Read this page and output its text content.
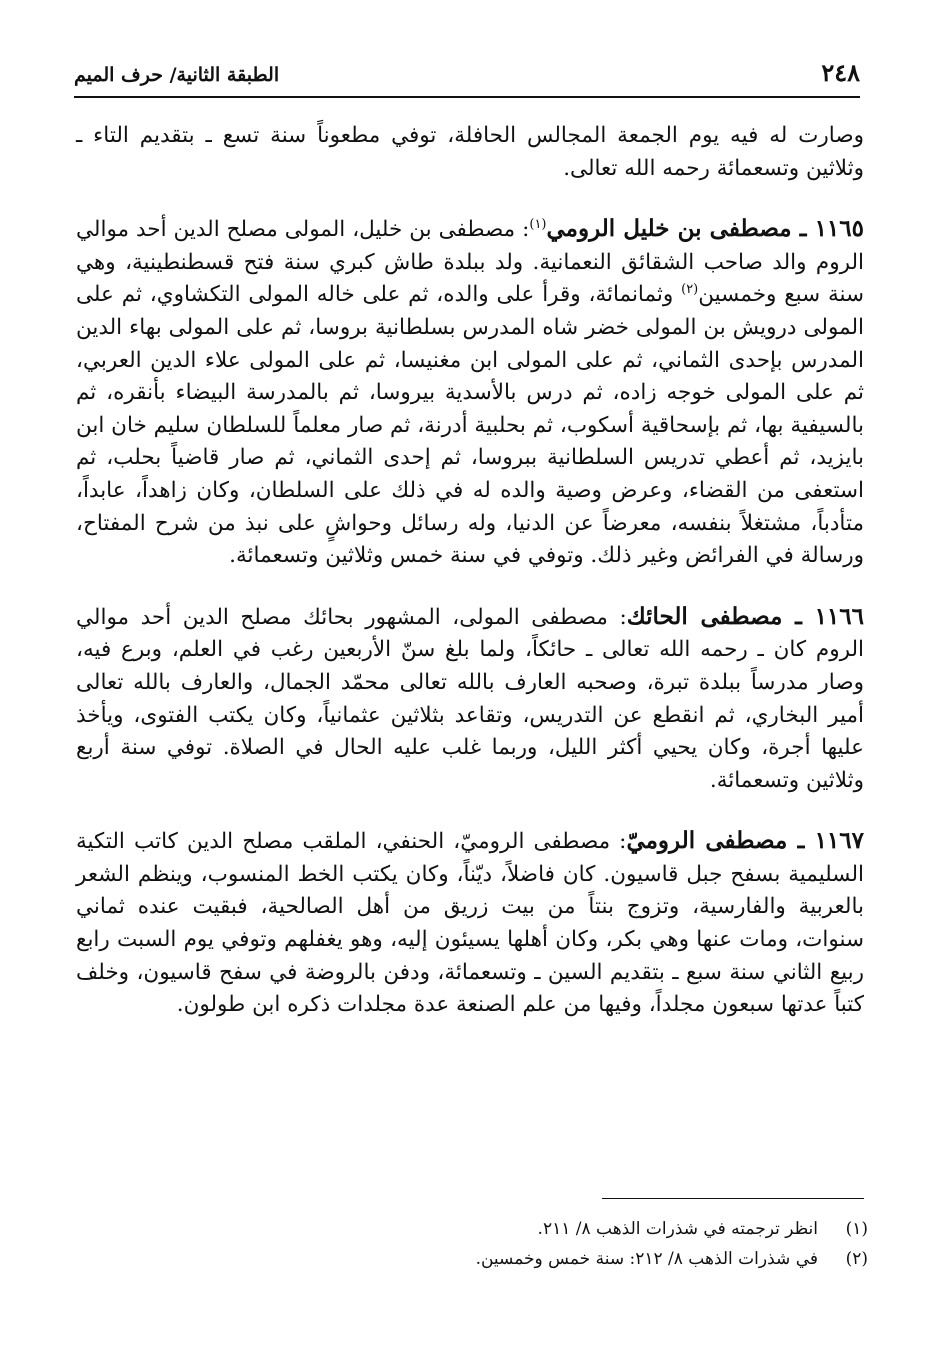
٢٤٨
الطبقة الثانية/ حرف الميم

وصارت له فيه يوم الجمعة المجالس الحافلة، توفي مطعوناً سنة تسع ـ بتقديم التاء ـ وثلاثين وتسعمائة رحمه الله تعالى.

١١٦٥ ـ مصطفى بن خليل الرومي$^{(١)}$: مصطفى بن خليل، المولى مصلح الدين أحد موالي الروم والد صاحب الشقائق النعمانية. ولد ببلدة طاش كبري سنة فتح قسطنطينية، وهي سنة سبع وخمسين$^{(٢)}$ وثمانمائة، وقرأ على والده، ثم على خاله المولى التكشاوي، ثم على المولى درويش بن المولى خضر شاه المدرس بسلطانية بروسا، ثم على المولى بهاء الدين المدرس بإحدى الثماني، ثم على المولى ابن مغنيسا، ثم على المولى علاء الدين العربي، ثم على المولى خوجه زاده، ثم درس بالأسدية بيروسا، ثم بالمدرسة البيضاء بأنقره، ثم بالسيفية بها، ثم بإسحاقية أسكوب، ثم بحلبية أدرنة، ثم صار معلماً للسلطان سليم خان ابن بايزيد، ثم أعطي تدريس السلطانية ببروسا، ثم إحدى الثماني، ثم صار قاضياً بحلب، ثم استعفى من القضاء، وعرض وصية والده له في ذلك على السلطان، وكان زاهداً، عابداً، متأدباً، مشتغلاً بنفسه، معرضاً عن الدنيا، وله رسائل وحواشٍ على نبذ من شرح المفتاح، ورسالة في الفرائض وغير ذلك. وتوفي في سنة خمس وثلاثين وتسعمائة.

١١٦٦ ـ مصطفى الحائك: مصطفى المولى، المشهور بحائك مصلح الدين أحد موالي الروم كان ـ رحمه الله تعالى ـ حائكاً، ولما بلغ سنّ الأربعين رغب في العلم، وبرع فيه، وصار مدرساً ببلدة تبرة، وصحبه العارف بالله تعالى محمّد الجمال، والعارف بالله تعالى أمير البخاري، ثم انقطع عن التدريس، وتقاعد بثلاثين عثمانياً، وكان يكتب الفتوى، ويأخذ عليها أجرة، وكان يحيي أكثر الليل، وربما غلب عليه الحال في الصلاة. توفي سنة أربع وثلاثين وتسعمائة.

١١٦٧ ـ مصطفى الروميّ: مصطفى الروميّ، الحنفي، الملقب مصلح الدين كاتب التكية السليمية بسفح جبل قاسيون. كان فاضلاً، ديّناً، وكان يكتب الخط المنسوب، وينظم الشعر بالعربية والفارسية، وتزوج بنتاً من بيت زريق من أهل الصالحية، فبقيت عنده ثماني سنوات، ومات عنها وهي بكر، وكان أهلها يسيئون إليه، وهو يغفلهم وتوفي يوم السبت رابع ربيع الثاني سنة سبع ـ بتقديم السين ـ وتسعمائة، ودفن بالروضة في سفح قاسيون، وخلف كتباً عدتها سبعون مجلداً، وفيها من علم الصنعة عدة مجلدات ذكره ابن طولون.

(١)
انظر ترجمته في شذرات الذهب ٨/ ٢١١.
(٢)
في شذرات الذهب ٨/ ٢١٢: سنة خمس وخمسين.
